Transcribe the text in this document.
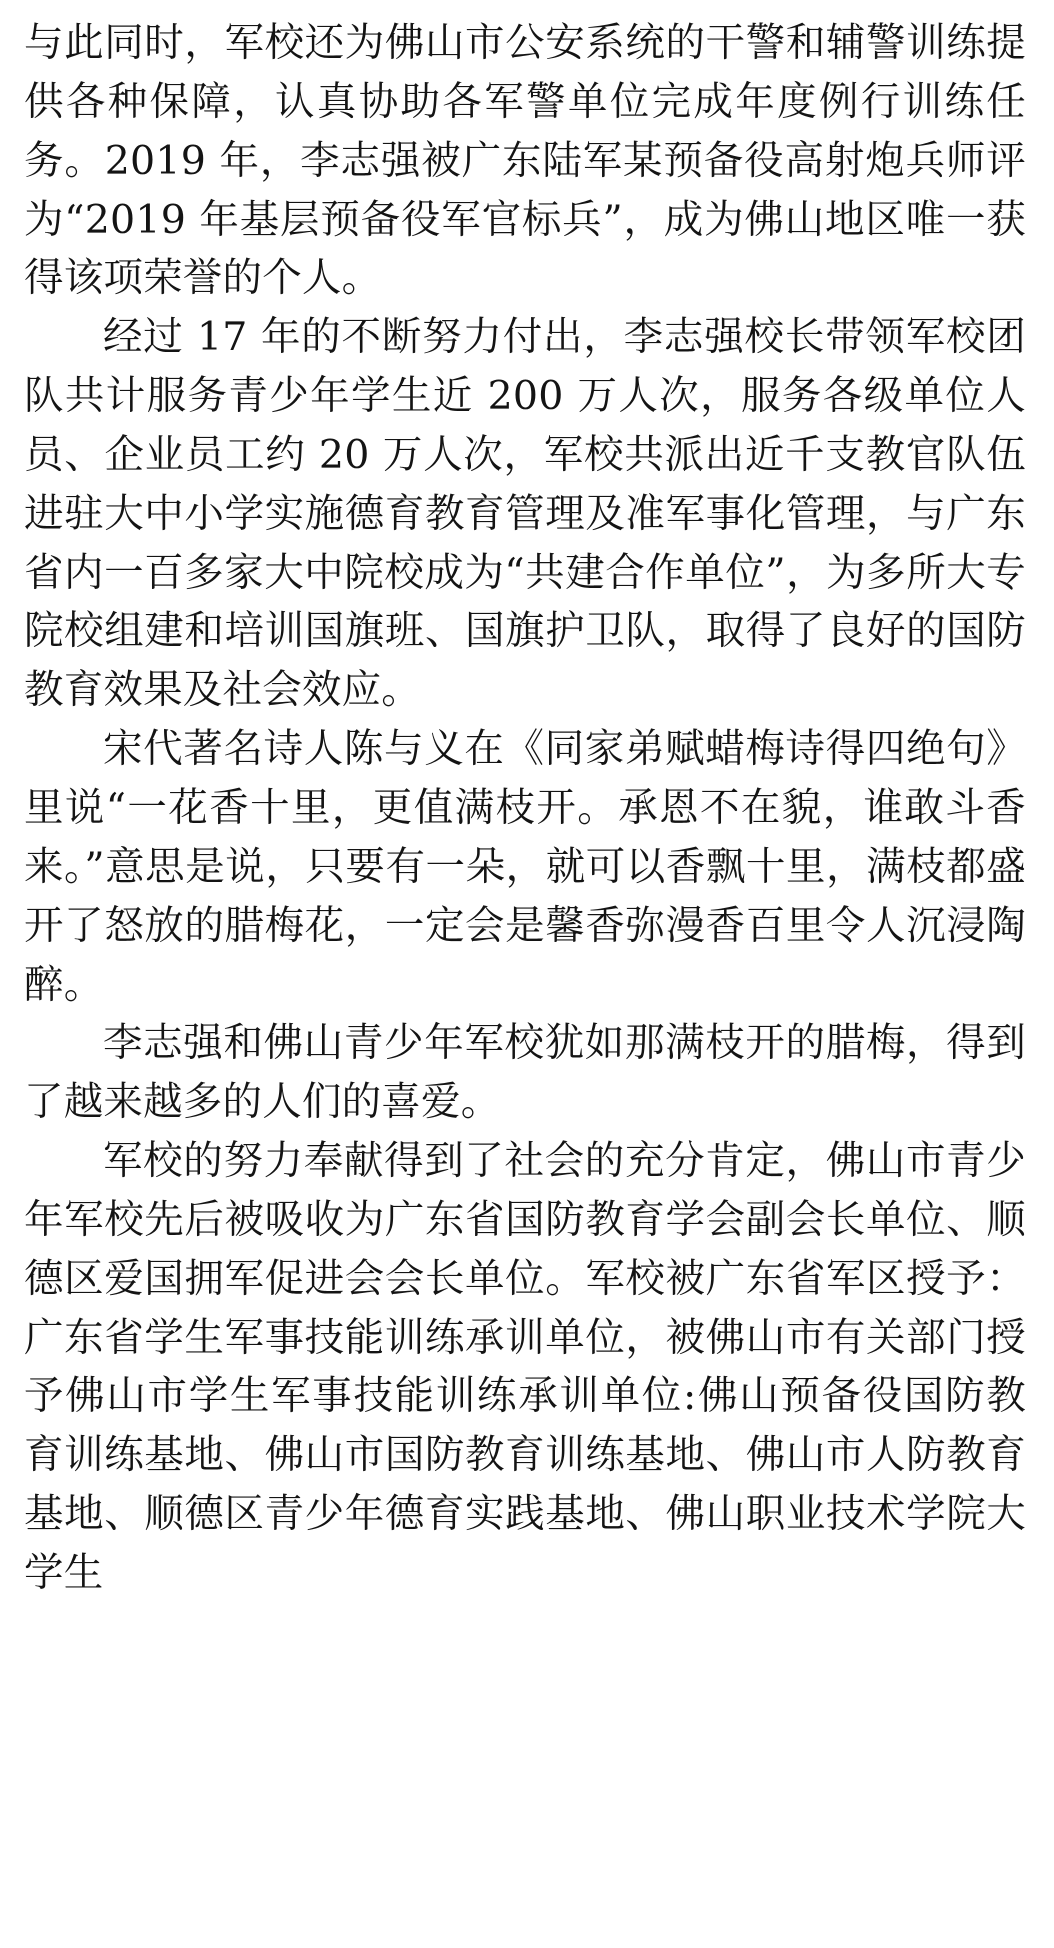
与此同时，军校还为佛山市公安系统的干警和辅警训练提供各种保障，认真协助各军警单位完成年度例行训练任务。2019 年，李志强被广东陆军某预备役高射炮兵师评为“2019 年基层预备役军官标兵”，成为佛山地区唯一获得该项荣誉的个人。

经过 17 年的不断努力付出，李志强校长带领军校团队共计服务青少年学生近 200 万人次，服务各级单位人员、企业员工约 20 万人次，军校共派出近千支教官队伍进驻大中小学实施德育教育管理及准军事化管理，与广东省内一百多家大中院校成为“共建合作单位”，为多所大专院校组建和培训国旗班、国旗护卫队，取得了良好的国防教育效果及社会效应。

宋代著名诗人陈与义在《同家弟赋蜡梅诗得四绝句》里说“一花香十里，更值满枝开。承恩不在貌，谁敢斗香来。”意思是说，只要有一朵，就可以香飘十里，满枝都盛开了怒放的腊梅花，一定会是馨香弥漫香百里令人沉浸陶醉。

李志强和佛山青少年军校犹如那满枝开的腊梅，得到了越来越多的人们的喜爱。

军校的努力奉献得到了社会的充分肯定，佛山市青少年军校先后被吸收为广东省国防教育学会副会长单位、顺德区爱国拥军促进会会长单位。军校被广东省军区授予：广东省学生军事技能训练承训单位，被佛山市有关部门授予佛山市学生军事技能训练承训单位:佛山预备役国防教育训练基地、佛山市国防教育训练基地、佛山市人防教育基地、顺德区青少年德育实践基地、佛山职业技术学院大学生
